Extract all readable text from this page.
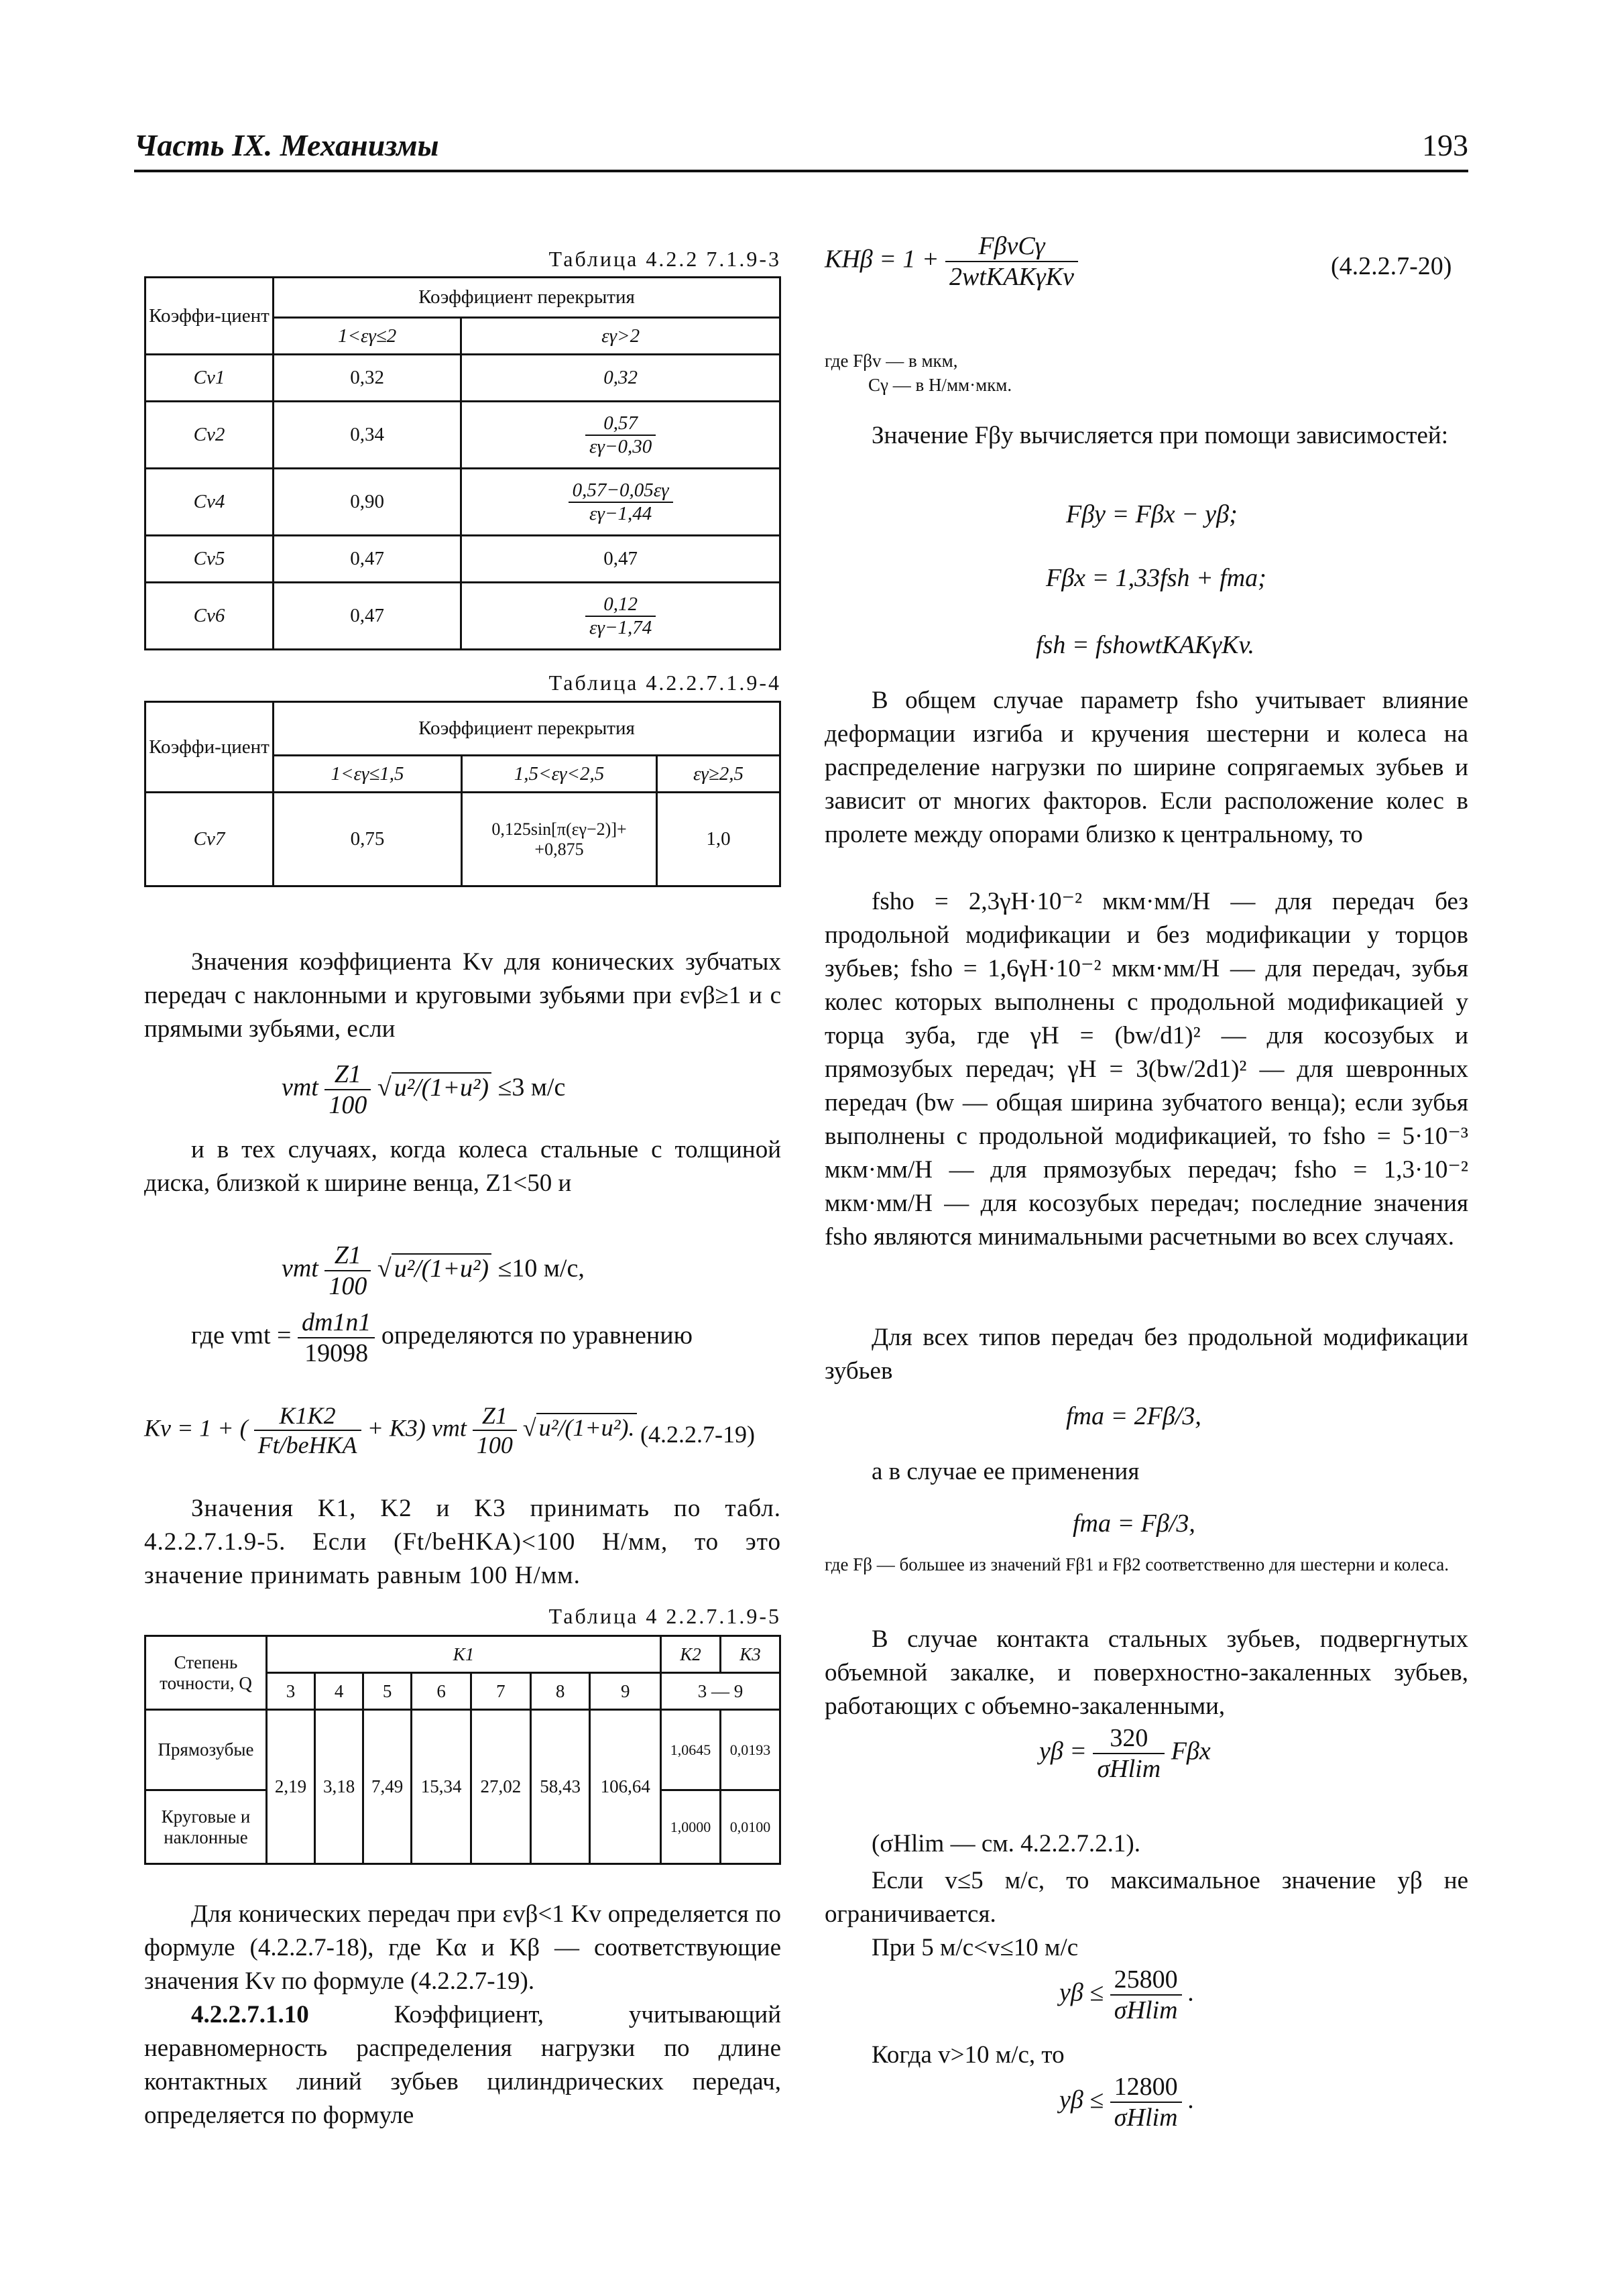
Часть IX. Механизмы	193
Таблица 4.2.2 7.1.9-3
Коэффи-циент	Коэффициент перекрытия	
	1<εγ≤2	εγ>2
Cv1	0,32	0,32
Cv2	0,34	$\frac{0,57}{\varepsilon\gamma-0,30}$

Cv4	0,90	$\frac{0,57-0,05\varepsilon\gamma}{\varepsilon\gamma-1,44}$

Cv5	0,47	0,47
Cv6	0,47	$\frac{0,12}{\varepsilon\gamma-1,74}$
Таблица 4.2.2.7.1.9-4
Коэффи-циент	Коэффициент перекрытия		
	1<εγ≤1,5	1,5<εγ<2,5	εγ≥2,5
Cv7	0,75	0,125sin[π(εγ−2)]+ +0,875	1,0
Значения коэффициента Kv для конических зубчатых передач с наклонными и круговыми зубьями при εvβ≥1 и с прямыми зубьями, если
vmt $\frac{Z1}{100}$ √ u²/(1+u²) ≤3 м/с
и в тех случаях, когда колеса стальные с толщиной диска, близкой к ширине венца, Z1<50 и
vmt $\frac{Z1}{100}$ √ u²/(1+u²) ≤10 м/с,
где vmt = $\frac{dm1n1}{19098}$ определяются по уравнению
Kv = 1 + ( $\frac{K1K2}{\text{Ft/beHKA}} + K3$) vmt $\frac{Z1}{100}$ √ u²/(1+u²). (4.2.2.7-19)
Значения K1, K2 и K3 принимать по табл. 4.2.2.7.1.9-5. Если (Ft/beHKA)<100 Н/мм, то это значение принимать равным 100 Н/мм.
Таблица 4 2.2.7.1.9-5
Степень точности, Q	K1							K2	K3
	3	4	5	6	7	8	9	3 — 9	
Прямозубые	2,19	3,18	7,49	15,34	27,02	58,43	106,64	1,0645	0,0193
Круговые и наклонные								1,0000	0,0100
Для конических передач при εvβ<1 Kv определяется по формуле (4.2.2.7-18), где Kα и Kβ — соответствующие значения Kv по формуле (4.2.2.7-19).
4.2.2.7.1.10	Коэффициент, учитывающий неравномерность распределения нагрузки по длине контактных линий зубьев цилиндрических передач, определяется по формуле
$KH\beta = 1 + \frac{\text{FβvCγ}}{\text{2wtKAKγKv}}$	(4.2.2.7-20)
где Fβv — в мкм,
Cγ — в Н/мм·мкм.
Значение Fβy вычисляется при помощи зависимостей:
Fβy = Fβx − yβ;
Fβx = 1,33fsh + fma;
fsh = fshowtKAKγKv.
В общем случае параметр fsho учитывает влияние деформации изгиба и кручения шестерни и колеса на распределение нагрузки по ширине сопрягаемых зубьев и зависит от многих факторов. Если расположение колес в пролете между опорами близко к центральному, то
fsho = 2,3γH·10⁻² мкм·мм/Н — для передач без продольной модификации и без модификации у торцов зубьев; fsho = 1,6γH·10⁻² мкм·мм/Н — для передач, зубья колес которых выполнены с продольной модификацией у торца зуба, где γH = (bw/d1)² — для косозубых и прямозубых передач; γH = 3(bw/2d1)² — для шевронных передач (bw — общая ширина зубчатого венца); если зубья выполнены с продольной модификацией, то fsho = 5·10⁻³ мкм·мм/Н — для прямозубых передач; fsho = 1,3·10⁻² мкм·мм/Н — для косозубых передач; последние значения fsho являются минимальными расчетными во всех случаях.
Для всех типов передач без продольной модификации зубьев
fma = 2Fβ/3,
а в случае ее применения
fma = Fβ/3,
где Fβ — большее из значений Fβ1 и Fβ2 соответственно для шестерни и колеса.
В случае контакта стальных зубьев, подвергнутых объемной закалке, и поверхностно-закаленных зубьев, работающих с объемно-закаленными,
$y\beta = \frac{320}{\sigma Hlim}$ Fβx
(σHlim — см. 4.2.2.7.2.1).
Если v≤5 м/с, то максимальное значение yβ не ограничивается.
При 5 м/с<v≤10 м/с
$y\beta \le \frac{25800}{\sigma Hlim}$ .
Когда v>10 м/с, то
$y\beta \le \frac{12800}{\sigma Hlim}$ .
